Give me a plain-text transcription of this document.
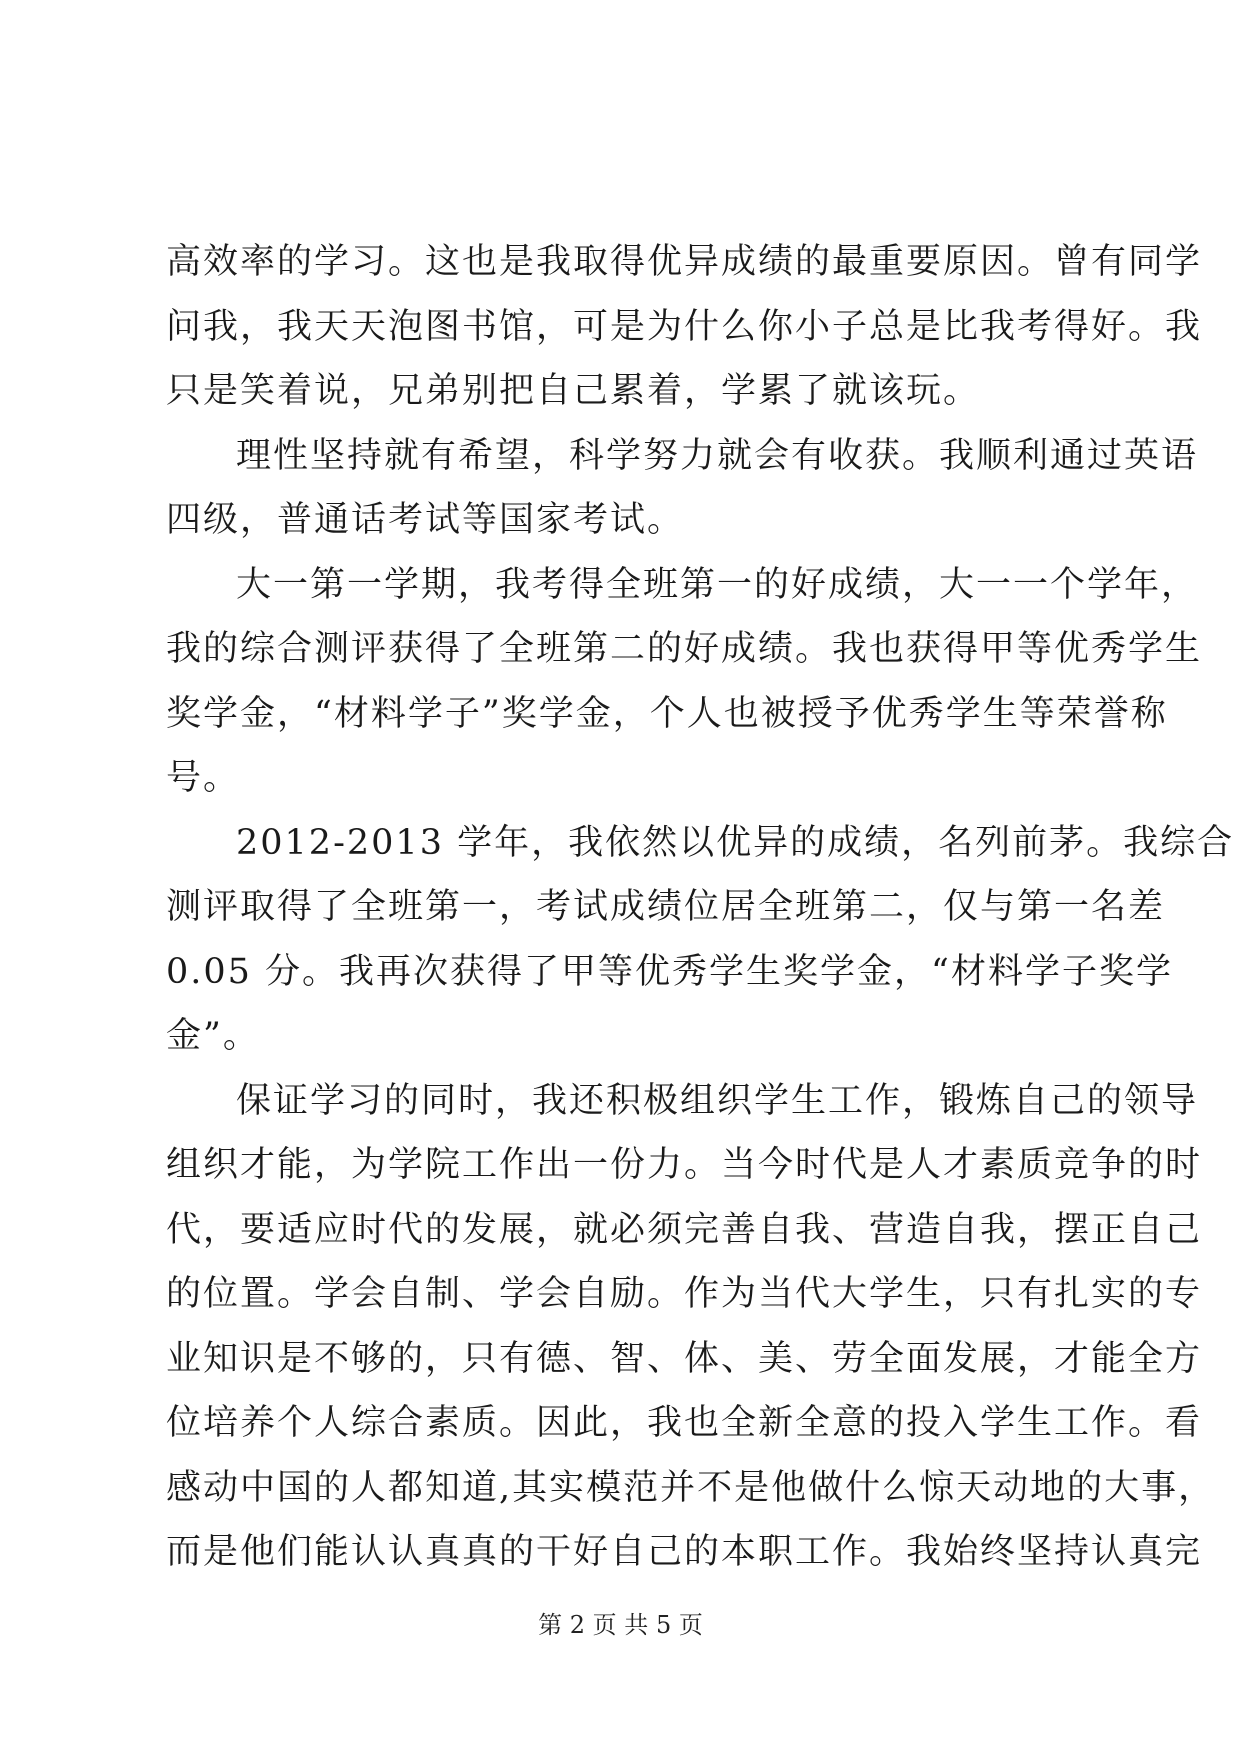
高效率的学习。这也是我取得优异成绩的最重要原因。曾有同学
问我，我天天泡图书馆，可是为什么你小子总是比我考得好。我
只是笑着说，兄弟别把自己累着，学累了就该玩。
理性坚持就有希望，科学努力就会有收获。我顺利通过英语
四级，普通话考试等国家考试。
大一第一学期，我考得全班第一的好成绩，大一一个学年，
我的综合测评获得了全班第二的好成绩。我也获得甲等优秀学生
奖学金，“材料学子”奖学金，个人也被授予优秀学生等荣誉称
号。
2012-2013 学年，我依然以优异的成绩，名列前茅。我综合
测评取得了全班第一，考试成绩位居全班第二，仅与第一名差
0.05 分。我再次获得了甲等优秀学生奖学金，“材料学子奖学
金”。
保证学习的同时，我还积极组织学生工作，锻炼自己的领导
组织才能，为学院工作出一份力。当今时代是人才素质竞争的时
代，要适应时代的发展，就必须完善自我、营造自我，摆正自己
的位置。学会自制、学会自励。作为当代大学生，只有扎实的专
业知识是不够的，只有德、智、体、美、劳全面发展，才能全方
位培养个人综合素质。因此，我也全新全意的投入学生工作。看
感动中国的人都知道,其实模范并不是他做什么惊天动地的大事，
而是他们能认认真真的干好自己的本职工作。我始终坚持认真完
第 2 页 共 5 页
